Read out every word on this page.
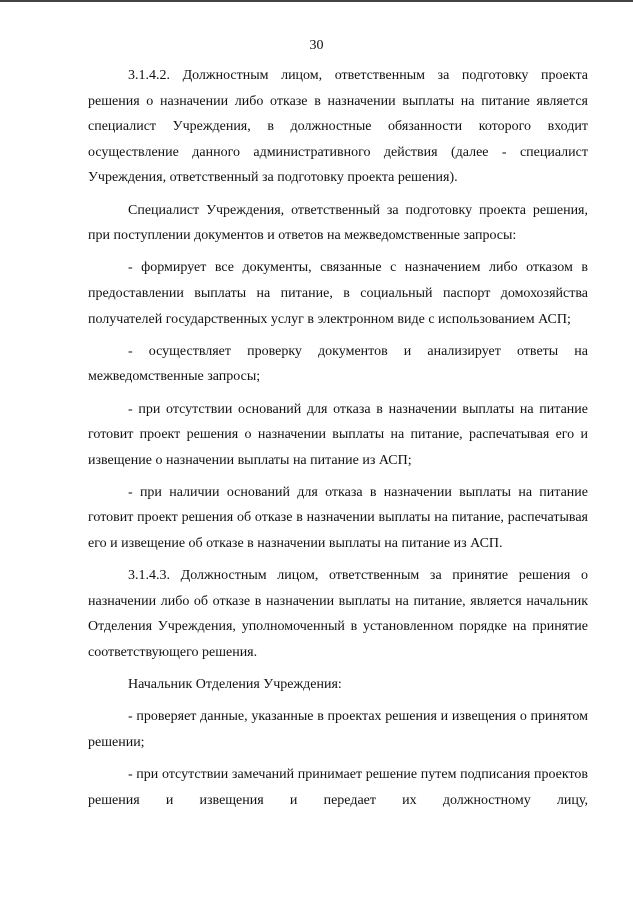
30

3.1.4.2. Должностным лицом, ответственным за подготовку проекта решения о назначении либо отказе в назначении выплаты на питание является специалист Учреждения, в должностные обязанности которого входит осуществление данного административного действия (далее - специалист Учреждения, ответственный за подготовку проекта решения).

Специалист Учреждения, ответственный за подготовку проекта решения, при поступлении документов и ответов на межведомственные запросы:

- формирует все документы, связанные с назначением либо отказом в предоставлении выплаты на питание, в социальный паспорт домохозяйства получателей государственных услуг в электронном виде с использованием АСП;

- осуществляет проверку документов и анализирует ответы на межведомственные запросы;

- при отсутствии оснований для отказа в назначении выплаты на питание готовит проект решения о назначении выплаты на питание, распечатывая его и извещение о назначении выплаты на питание из АСП;

- при наличии оснований для отказа в назначении выплаты на питание готовит проект решения об отказе в назначении выплаты на питание, распечатывая его и извещение об отказе в назначении выплаты на питание из АСП.

3.1.4.3. Должностным лицом, ответственным за принятие решения о назначении либо об отказе в назначении выплаты на питание, является начальник Отделения Учреждения, уполномоченный в установленном порядке на принятие соответствующего решения.

Начальник Отделения Учреждения:

- проверяет данные, указанные в проектах решения и извещения о принятом решении;

- при отсутствии замечаний принимает решение путем подписания проектов решения и извещения и передает их должностному лицу,
